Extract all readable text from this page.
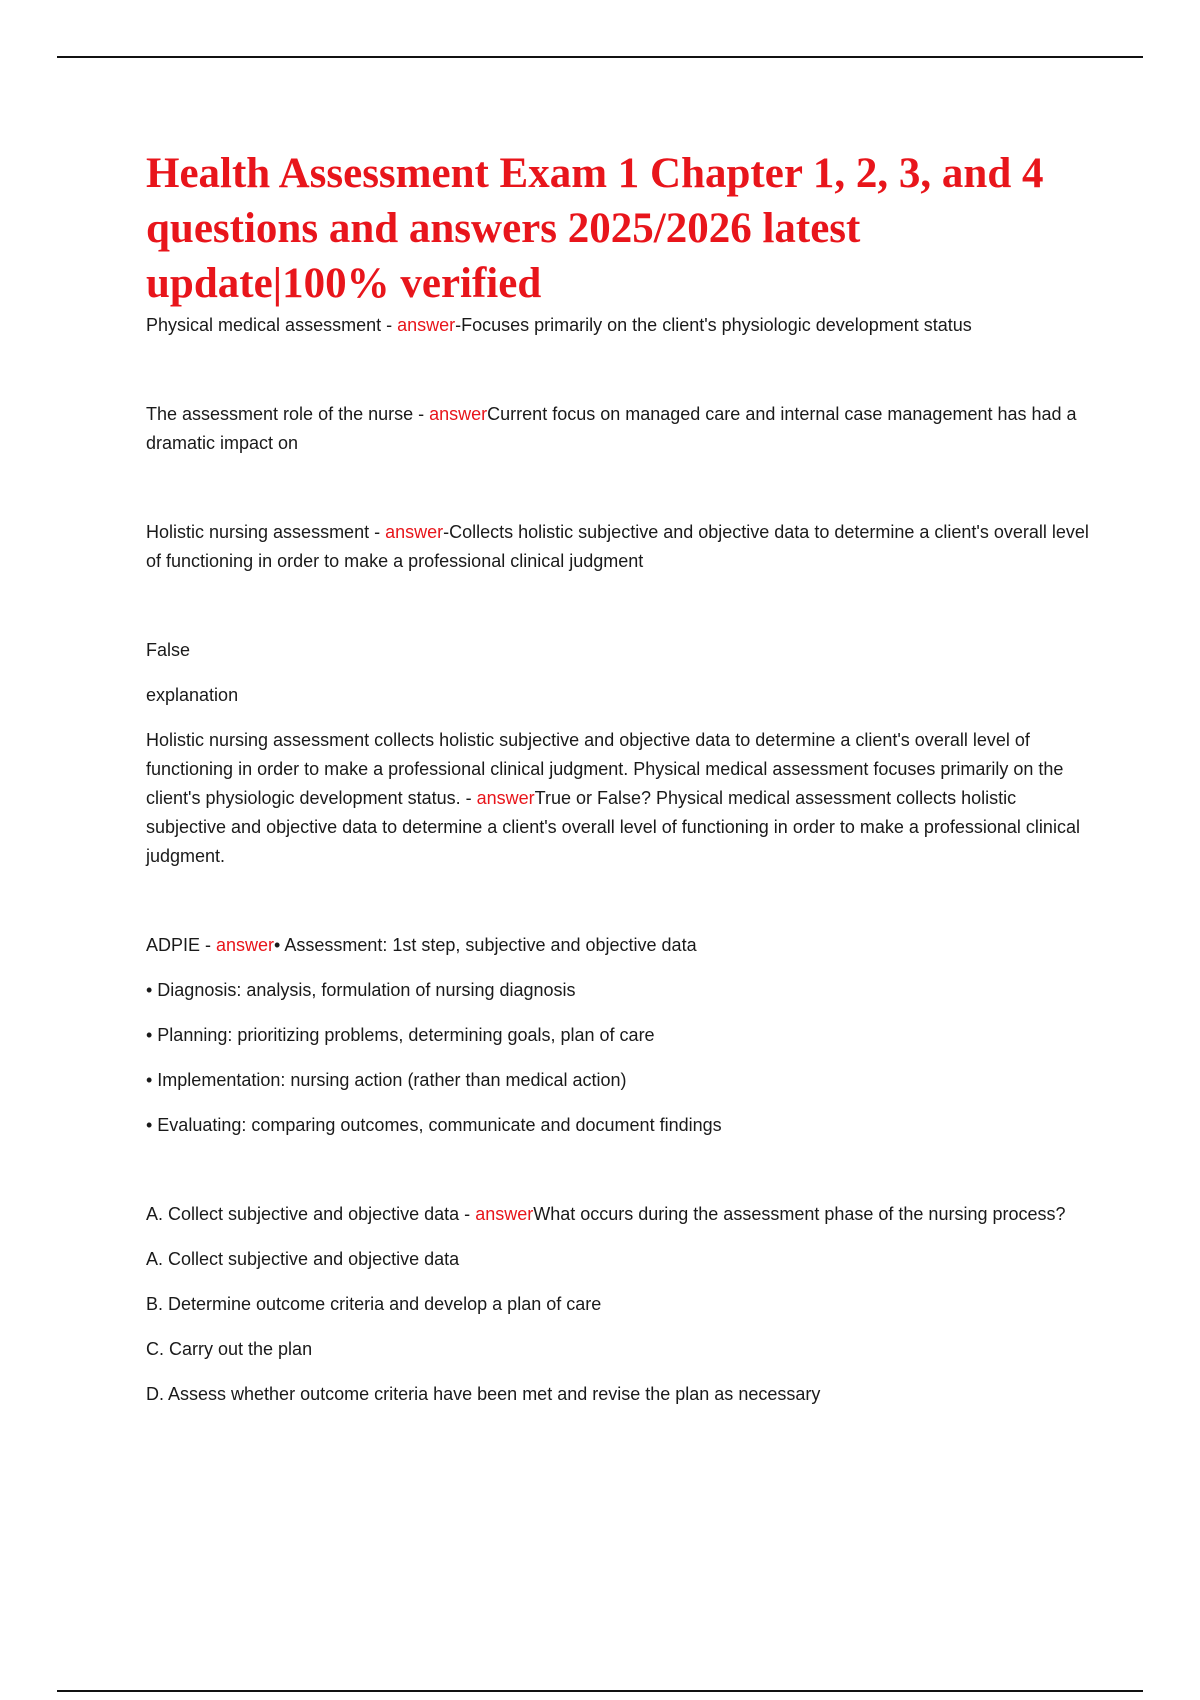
Health Assessment Exam 1 Chapter 1, 2, 3, and 4 questions and answers 2025/2026 latest update|100% verified

Physical medical assessment - answer-Focuses primarily on the client's physiologic development status

The assessment role of the nurse - answerCurrent focus on managed care and internal case management has had a dramatic impact on

Holistic nursing assessment - answer-Collects holistic subjective and objective data to determine a client's overall level of functioning in order to make a professional clinical judgment

False

explanation

Holistic nursing assessment collects holistic subjective and objective data to determine a client's overall level of functioning in order to make a professional clinical judgment. Physical medical assessment focuses primarily on the client's physiologic development status. - answerTrue or False? Physical medical assessment collects holistic subjective and objective data to determine a client's overall level of functioning in order to make a professional clinical judgment.

ADPIE - answer• Assessment: 1st step, subjective and objective data

• Diagnosis: analysis, formulation of nursing diagnosis

• Planning: prioritizing problems, determining goals, plan of care

• Implementation: nursing action (rather than medical action)

• Evaluating: comparing outcomes, communicate and document findings

A. Collect subjective and objective data - answerWhat occurs during the assessment phase of the nursing process?

A. Collect subjective and objective data

B. Determine outcome criteria and develop a plan of care

C. Carry out the plan

D. Assess whether outcome criteria have been met and revise the plan as necessary
